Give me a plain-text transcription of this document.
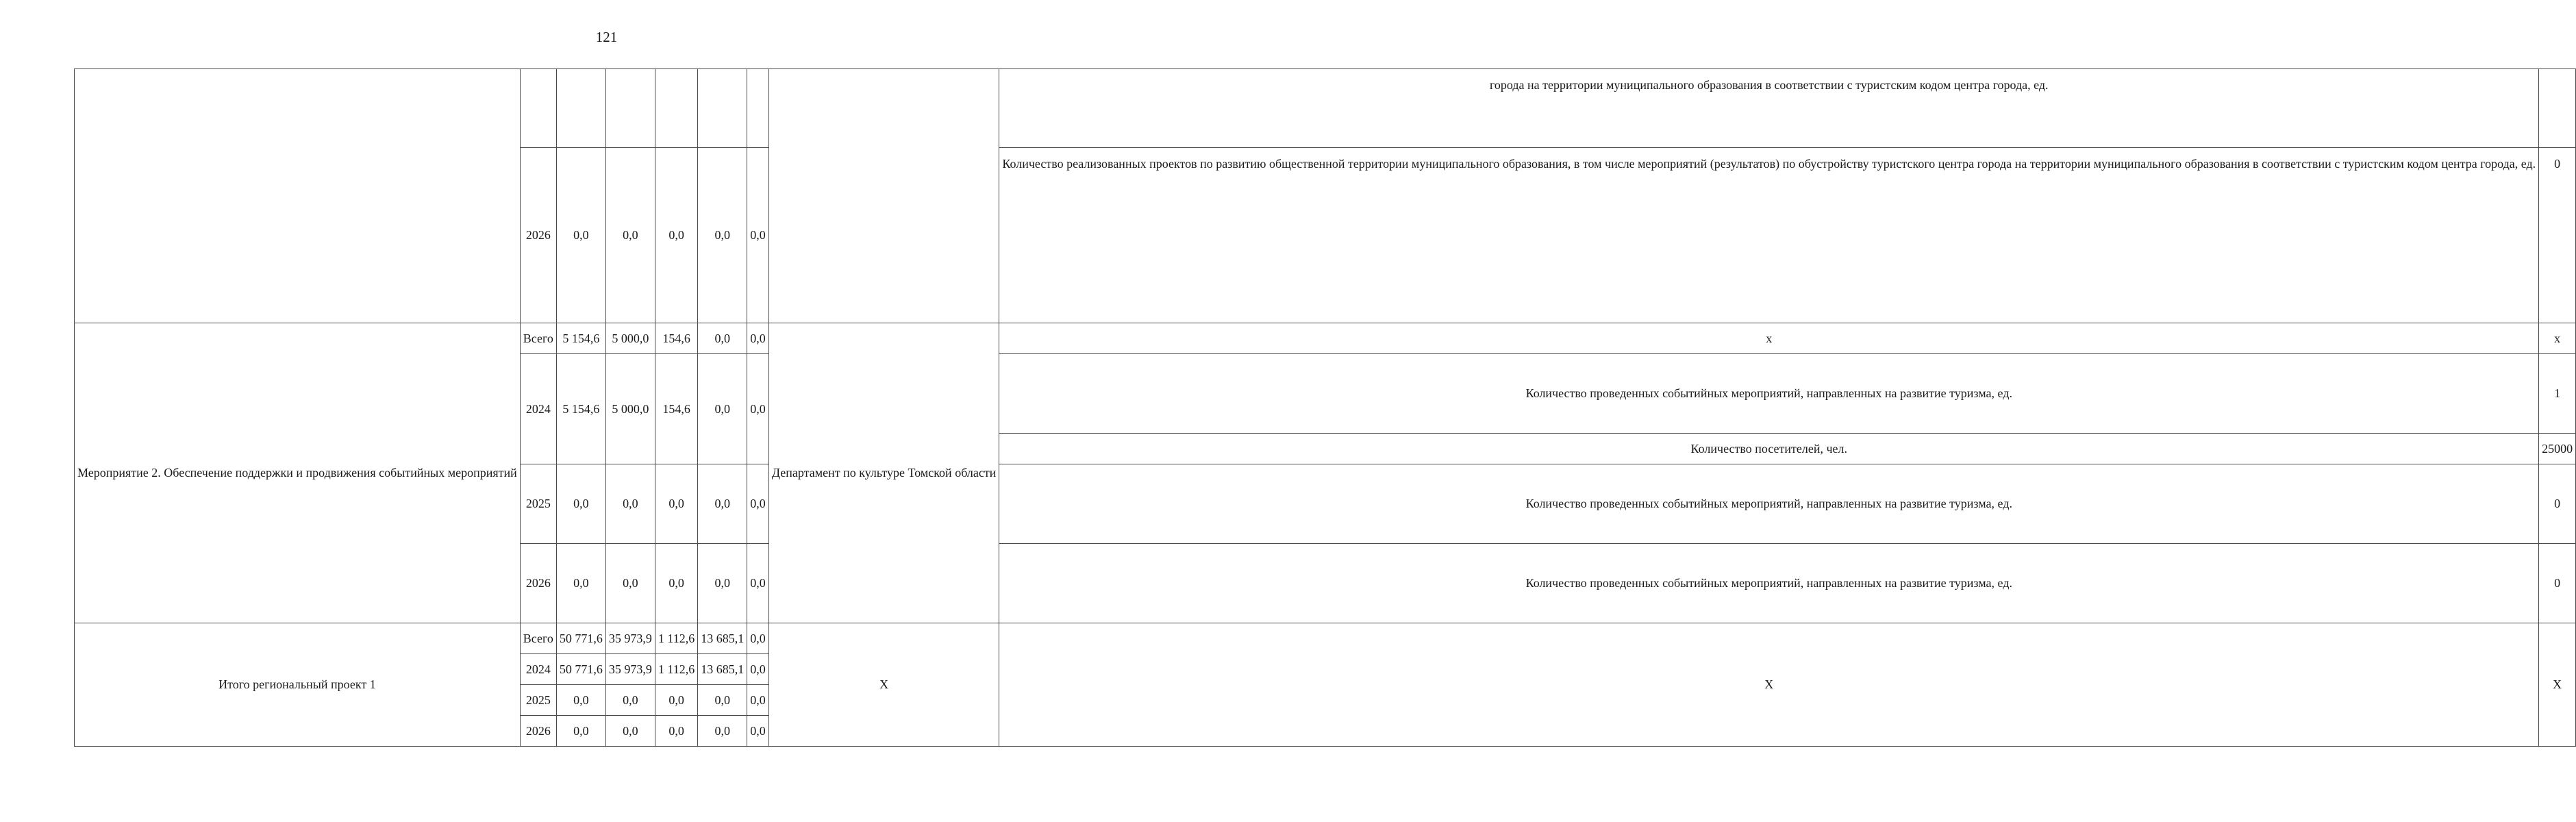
121
								города на территории муниципального образования в соответствии с туристским кодом центра города, ед.	
	2026	0,0	0,0	0,0	0,0	0,0		Количество реализованных проектов по развитию общественной территории муниципального образования, в том числе мероприятий (результатов) по обустройству туристского центра города на территории муниципального образования в соответствии с туристским кодом центра города, ед.	0
Мероприятие 2. Обеспечение поддержки и продвижения событийных мероприятий	Всего	5 154,6	5 000,0	154,6	0,0	0,0	Департамент по культуре Томской области	x	x
	2024	5 154,6	5 000,0	154,6	0,0	0,0		Количество проведенных событийных мероприятий, направленных на развитие туризма, ед.	1
								Количество посетителей, чел.	25000
	2025	0,0	0,0	0,0	0,0	0,0		Количество проведенных событийных мероприятий, направленных на развитие туризма, ед.	0
	2026	0,0	0,0	0,0	0,0	0,0		Количество проведенных событийных мероприятий, направленных на развитие туризма, ед.	0

Итого региональный проект 1	Всего	50 771,6	35 973,9	1 112,6	13 685,1	0,0	X	X	X
	2024	50 771,6	35 973,9	1 112,6	13 685,1	0,0			
	2025	0,0	0,0	0,0	0,0	0,0			
	2026	0,0	0,0	0,0	0,0	0,0			
